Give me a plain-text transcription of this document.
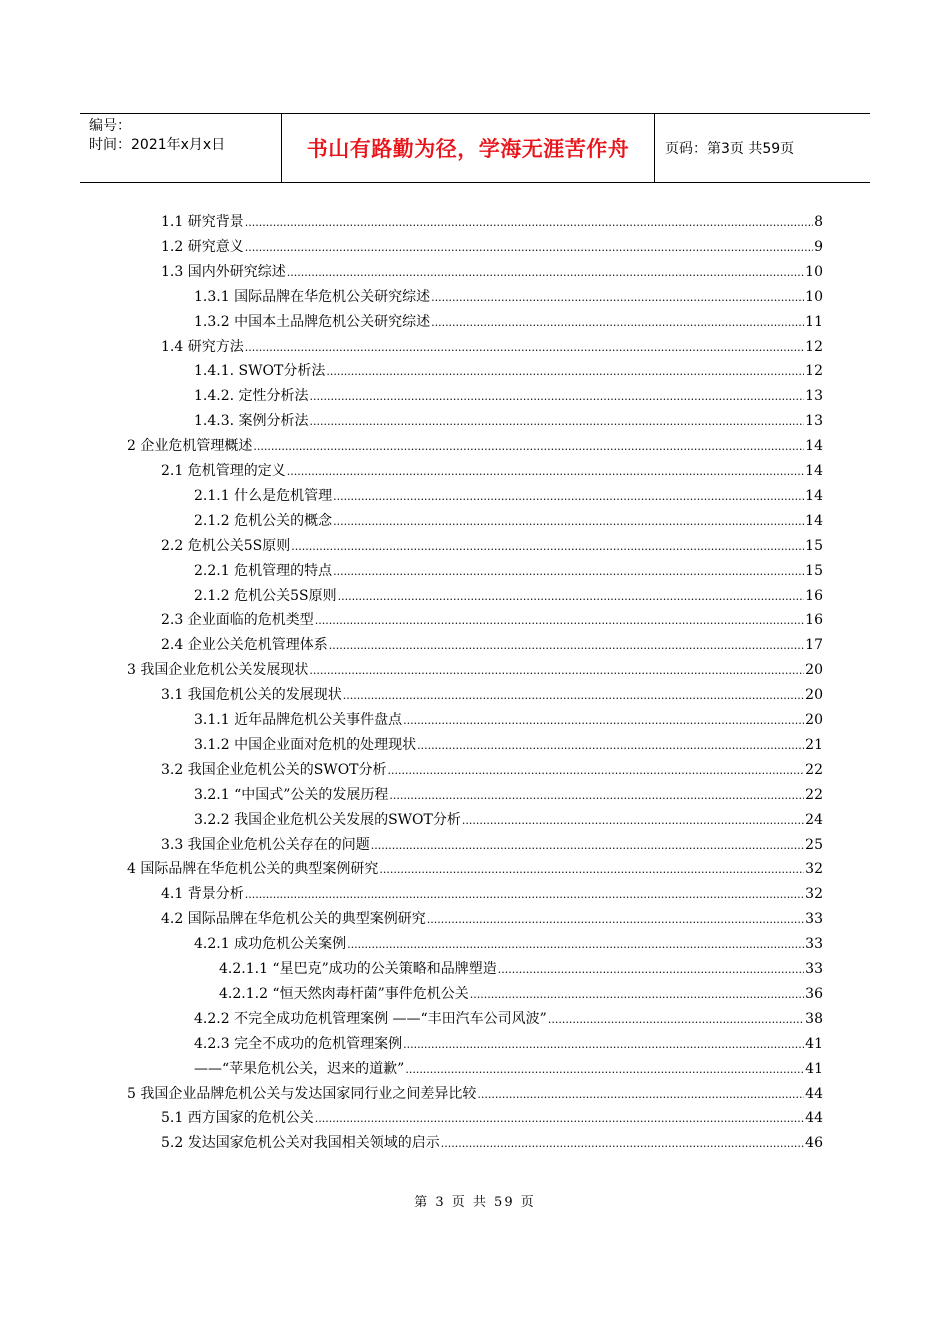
编号：
时间：2021年x月x日	书山有路勤为径，学海无涯苦作舟	页码：第3页 共59页
1.1 研究背景 .....	8
1.2 研究意义 .....	9
1.3 国内外研究综述 .....	10
1.3.1 国际品牌在华危机公关研究综述 .....	10
1.3.2 中国本土品牌危机公关研究综述 .....	11
1.4 研究方法 .....	12
1.4.1. SWOT分析法 .....	12
1.4.2. 定性分析法 .....	13
1.4.3. 案例分析法 .....	13
2 企业危机管理概述 .....	14
2.1 危机管理的定义 .....	14
2.1.1 什么是危机管理 .....	14
2.1.2 危机公关的概念 .....	14
2.2 危机公关5S原则 .....	15
2.2.1 危机管理的特点 .....	15
2.1.2 危机公关5S原则 .....	16
2.3 企业面临的危机类型 .....	16
2.4 企业公关危机管理体系 .....	17
3 我国企业危机公关发展现状 .....	20
3.1 我国危机公关的发展现状 .....	20
3.1.1 近年品牌危机公关事件盘点 .....	20
3.1.2 中国企业面对危机的处理现状 .....	21
3.2 我国企业危机公关的SWOT分析 .....	22
3.2.1 “中国式”公关的发展历程 .....	22
3.2.2 我国企业危机公关发展的SWOT分析 .....	24
3.3 我国企业危机公关存在的问题 .....	25
4 国际品牌在华危机公关的典型案例研究 .....	32
4.1 背景分析 .....	32
4.2 国际品牌在华危机公关的典型案例研究 .....	33
4.2.1 成功危机公关案例 .....	33
4.2.1.1 “星巴克”成功的公关策略和品牌塑造 .....	33
4.2.1.2 “恒天然肉毒杆菌”事件危机公关 .....	36
4.2.2 不完全成功危机管理案例 ——“丰田汽车公司风波” .....	38
4.2.3 完全不成功的危机管理案例 .....	41
——“苹果危机公关，迟来的道歉” .....	41
5 我国企业品牌危机公关与发达国家同行业之间差异比较 .....	44
5.1 西方国家的危机公关 .....	44
5.2 发达国家危机公关对我国相关领域的启示 .....	46
第 3 页 共 59 页
